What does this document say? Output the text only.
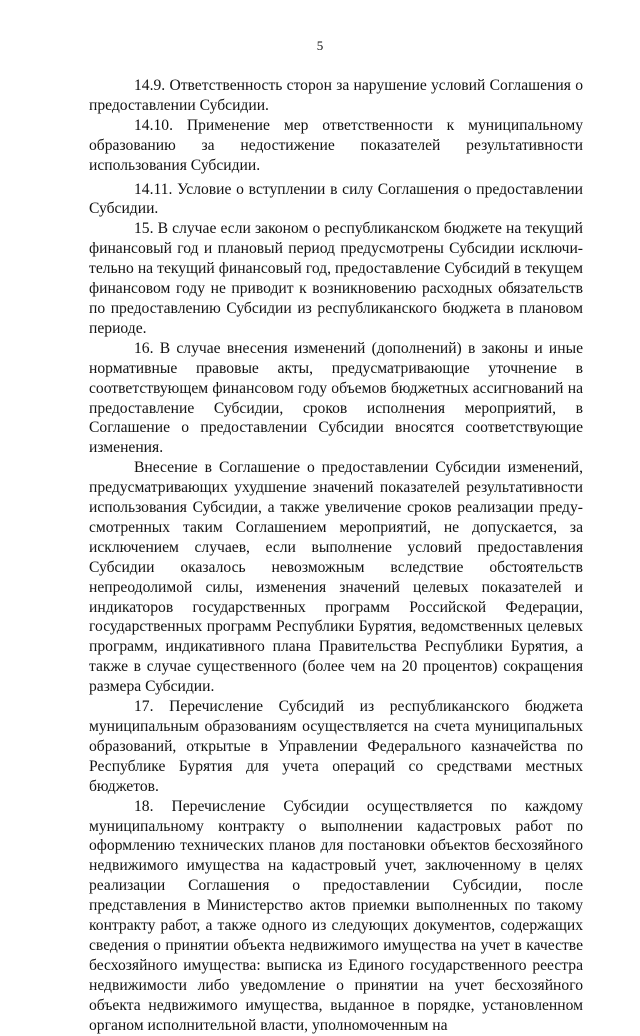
5

14.9. Ответственность сторон за нарушение условий Соглашения о предоставлении Субсидии.

14.10. Применение мер ответственности к муниципальному образованию за недостижение показателей результативности использования Субсидии.

14.11. Условие о вступлении в силу Соглашения о предоставлении Субсидии.

15. В случае если законом о республиканском бюджете на текущий финансовый год и плановый период предусмотрены Субсидии исключительно на текущий финансовый год, предоставление Субсидий в текущем финансовом году не приводит к возникновению расходных обязательств по предоставлению Субсидии из республиканского бюджета в плановом периоде.

16. В случае внесения изменений (дополнений) в законы и иные нормативные правовые акты, предусматривающие уточнение в соответствующем финансовом году объемов бюджетных ассигнований на предоставление Субсидии, сроков исполнения мероприятий, в Соглашение о предоставлении Субсидии вносятся соответствующие изменения.

Внесение в Соглашение о предоставлении Субсидии изменений, предусматривающих ухудшение значений показателей результативности использования Субсидии, а также увеличение сроков реализации предусмотренных таким Соглашением мероприятий, не допускается, за исключением случаев, если выполнение условий предоставления Субсидии оказалось невозможным вследствие обстоятельств непреодолимой силы, изменения значений целевых показателей и индикаторов государственных программ Российской Федерации, государственных программ Республики Бурятия, ведомственных целевых программ, индикативного плана Правительства Республики Бурятия, а также в случае существенного (более чем на 20 процентов) сокращения размера Субсидии.

17. Перечисление Субсидий из республиканского бюджета муниципальным образованиям осуществляется на счета муниципальных образований, открытые в Управлении Федерального казначейства по Республике Бурятия для учета операций со средствами местных бюджетов.

18. Перечисление Субсидии осуществляется по каждому муниципальному контракту о выполнении кадастровых работ по оформлению технических планов для постановки объектов бесхозяйного недвижимого имущества на кадастровый учет, заключенному в целях реализации Соглашения о предоставлении Субсидии, после представления в Министерство актов приемки выполненных по такому контракту работ, а также одного из следующих документов, содержащих сведения о принятии объекта недвижимого имущества на учет в качестве бесхозяйного имущества: выписка из Единого государственного реестра недвижимости либо уведомление о принятии на учет бесхозяйного объекта недвижимого имущества, выданное в порядке, установленном органом исполнительной власти, уполномоченным на
